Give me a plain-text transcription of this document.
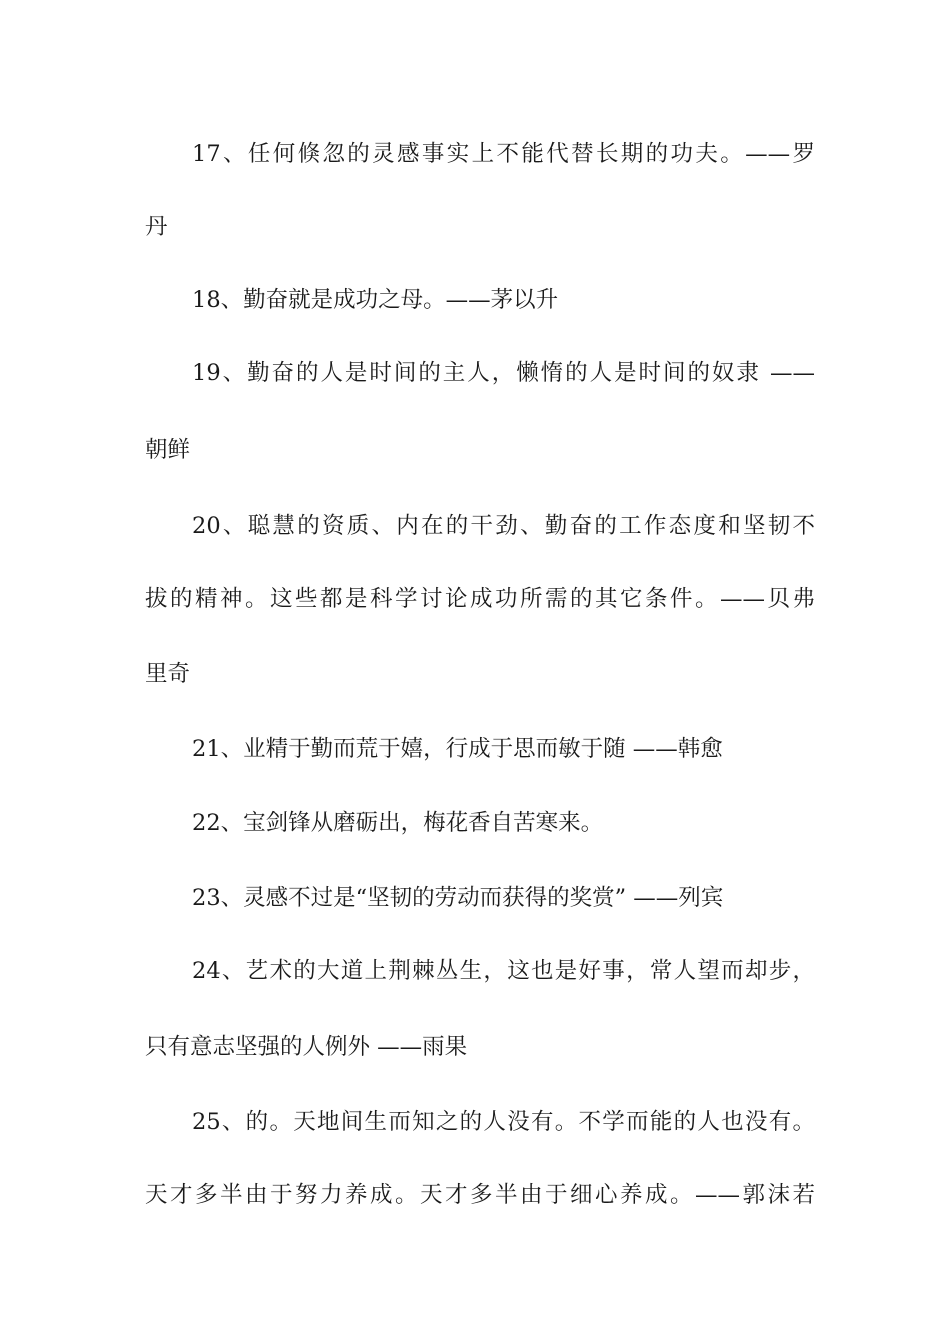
17、任何倏忽的灵感事实上不能代替长期的功夫。——罗
丹
18、勤奋就是成功之母。——茅以升
19、勤奋的人是时间的主人，懒惰的人是时间的奴隶 ——
朝鲜
20、聪慧的资质、内在的干劲、勤奋的工作态度和坚韧不
拔的精神。这些都是科学讨论成功所需的其它条件。——贝弗
里奇
21、业精于勤而荒于嬉，行成于思而敏于随 ——韩愈
22、宝剑锋从磨砺出，梅花香自苦寒来。
23、灵感不过是“坚韧的劳动而获得的奖赏” ——列宾
24、艺术的大道上荆棘丛生，这也是好事，常人望而却步，
只有意志坚强的人例外 ——雨果
25、的。天地间生而知之的人没有。不学而能的人也没有。
天才多半由于努力养成。天才多半由于细心养成。——郭沫若
